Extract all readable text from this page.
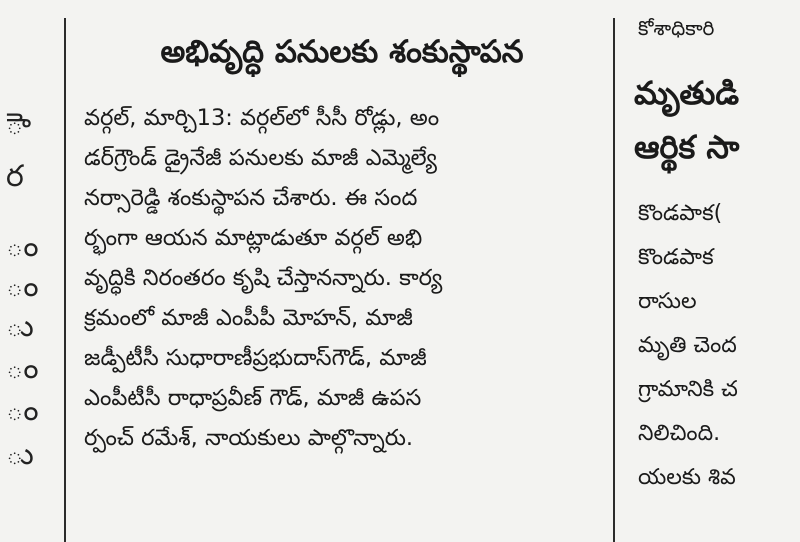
ెా
ర
ం
ం
ు
ం
ం
ు
అభివృద్ధి పనులకు శంకుస్థాపన
వర్గల్, మార్చి13: వర్గల్‌లో సీసీ రోడ్లు, అం
డర్‌గ్రౌండ్ డ్రైనేజీ పనులకు మాజీ ఎమ్మెల్యే
నర్సారెడ్డి శంకుస్థాపన చేశారు. ఈ సంద
ర్భంగా ఆయన మాట్లాడుతూ వర్గల్ అభి
వృద్ధికి నిరంతరం కృషి చేస్తానన్నారు. కార్య
క్రమంలో మాజీ ఎంపీపీ మోహన్, మాజీ
జడ్పీటీసీ సుధారాణీప్రభుదాస్‌గౌడ్, మాజీ
ఎంపీటీసీ రాధాప్రవీణ్ గౌడ్, మాజీ ఉపస
ర్పంచ్ రమేశ్, నాయకులు పాల్గొన్నారు.
కోశాధికారి
మృతుడి
ఆర్థిక సా
కొండపాక(
కొండపాక
రాసుల
మృతి చెంద
గ్రామానికి చ
నిలిచింది.
యలకు శివ
